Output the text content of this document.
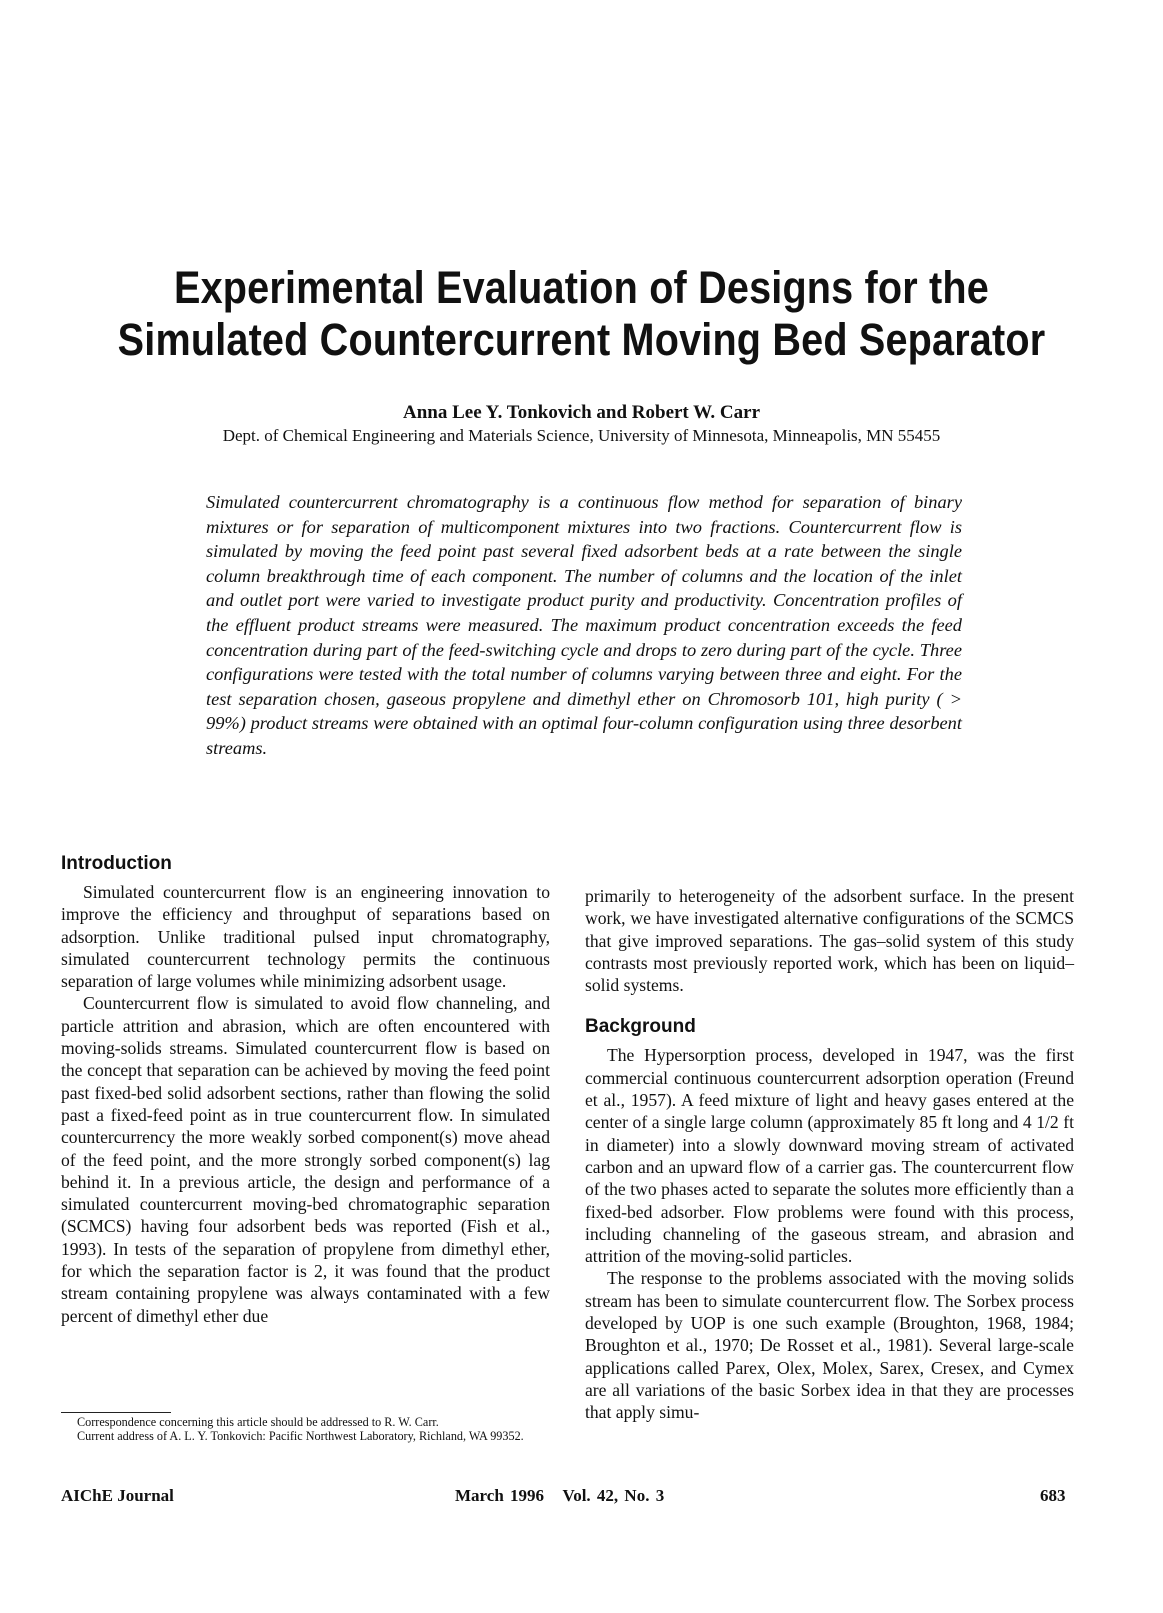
Experimental Evaluation of Designs for the
Simulated Countercurrent Moving Bed Separator
Anna Lee Y. Tonkovich and Robert W. Carr
Dept. of Chemical Engineering and Materials Science, University of Minnesota, Minneapolis, MN 55455
Simulated countercurrent chromatography is a continuous flow method for separation of binary mixtures or for separation of multicomponent mixtures into two fractions. Countercurrent flow is simulated by moving the feed point past several fixed adsorbent beds at a rate between the single column breakthrough time of each component. The number of columns and the location of the inlet and outlet port were varied to investigate product purity and productivity. Concentration profiles of the effluent product streams were measured. The maximum product concentration exceeds the feed concentration during part of the feed-switching cycle and drops to zero during part of the cycle. Three configurations were tested with the total number of columns varying between three and eight. For the test separation chosen, gaseous propylene and dimethyl ether on Chromosorb 101, high purity ( > 99%) product streams were obtained with an optimal four-column configuration using three desorbent streams.
Introduction

Simulated countercurrent flow is an engineering innovation to improve the efficiency and throughput of separations based on adsorption. Unlike traditional pulsed input chromatography, simulated countercurrent technology permits the continuous separation of large volumes while minimizing adsorbent usage.

Countercurrent flow is simulated to avoid flow channeling, and particle attrition and abrasion, which are often encountered with moving-solids streams. Simulated countercurrent flow is based on the concept that separation can be achieved by moving the feed point past fixed-bed solid adsorbent sections, rather than flowing the solid past a fixed-feed point as in true countercurrent flow. In simulated countercurrency the more weakly sorbed component(s) move ahead of the feed point, and the more strongly sorbed component(s) lag behind it. In a previous article, the design and performance of a simulated countercurrent moving-bed chromatographic separation (SCMCS) having four adsorbent beds was reported (Fish et al., 1993). In tests of the separation of propylene from dimethyl ether, for which the separation factor is 2, it was found that the product stream containing propylene was always contaminated with a few percent of dimethyl ether due

primarily to heterogeneity of the adsorbent surface. In the present work, we have investigated alternative configurations of the SCMCS that give improved separations. The gas–solid system of this study contrasts most previously reported work, which has been on liquid–solid systems.

Background

The Hypersorption process, developed in 1947, was the first commercial continuous countercurrent adsorption operation (Freund et al., 1957). A feed mixture of light and heavy gases entered at the center of a single large column (approximately 85 ft long and 4 1/2 ft in diameter) into a slowly downward moving stream of activated carbon and an upward flow of a carrier gas. The countercurrent flow of the two phases acted to separate the solutes more efficiently than a fixed-bed adsorber. Flow problems were found with this process, including channeling of the gaseous stream, and abrasion and attrition of the moving-solid particles.

The response to the problems associated with the moving solids stream has been to simulate countercurrent flow. The Sorbex process developed by UOP is one such example (Broughton, 1968, 1984; Broughton et al., 1970; De Rosset et al., 1981). Several large-scale applications called Parex, Olex, Molex, Sarex, Cresex, and Cymex are all variations of the basic Sorbex idea in that they are processes that apply simu-

Correspondence concerning this article should be addressed to R. W. Carr.

Current address of A. L. Y. Tonkovich: Pacific Northwest Laboratory, Richland, WA 99352.

AIChE Journal	March 1996   Vol. 42, No. 3	683
